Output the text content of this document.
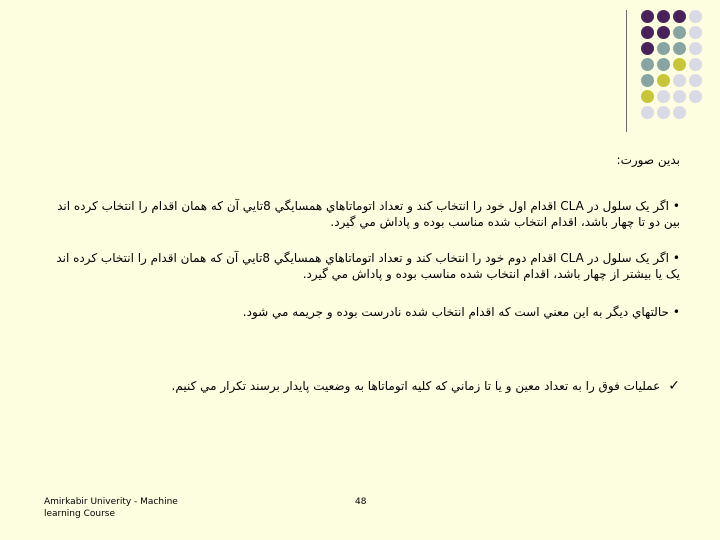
بدين صورت:
•اگر يک سلول در CLA اقدام اول خود را انتخاب کند و تعداد اتوماتاهاي همسايگي 8تايي آن که همان اقدام را انتخاب کرده اند
بين دو تا چهار باشد، اقدام انتخاب شده مناسب بوده و پاداش مي گيرد.
•اگر يک سلول در CLA اقدام دوم خود را انتخاب کند و تعداد اتوماتاهاي همسايگي 8تايي آن که همان اقدام را انتخاب کرده اند
يک يا بيشتر از چهار باشد، اقدام انتخاب شده مناسب بوده و پاداش مي گيرد.
•حالتهاي ديگر به اين معني است که اقدام انتخاب شده نادرست بوده و جريمه مي شود.
✓عمليات فوق را به تعداد معين و يا تا زماني که کليه اتوماتاها به وضعيت پايدار برسند تکرار مي کنيم.
Amirkabir Univerity - Machine learning Course
48
